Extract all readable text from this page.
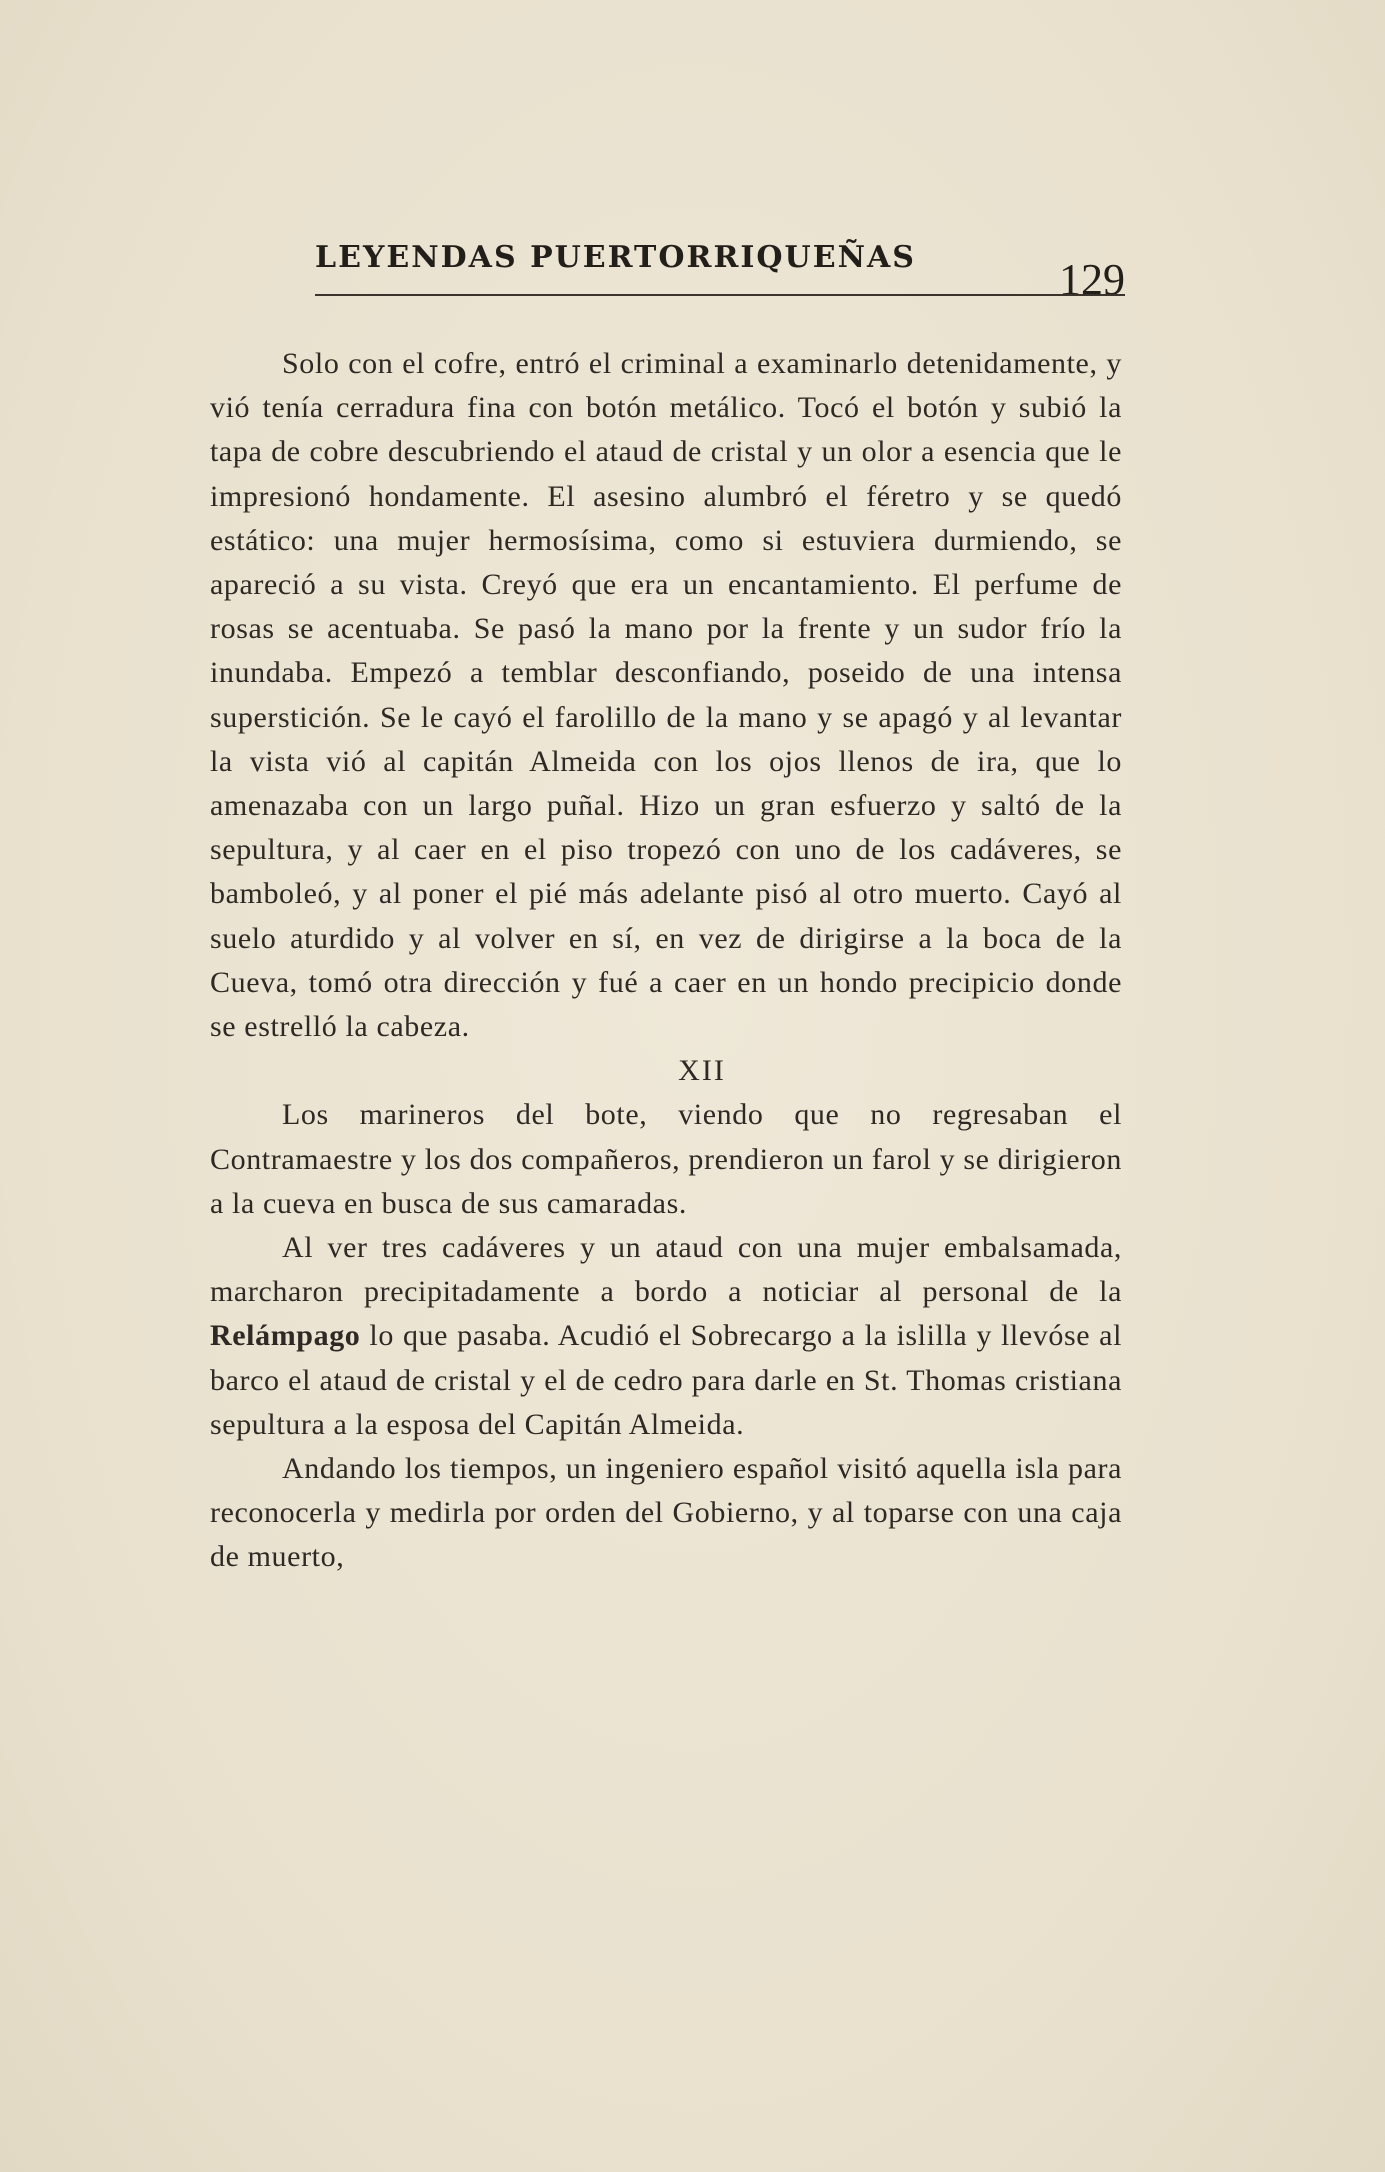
LEYENDAS PUERTORRIQUEÑAS	129

Solo con el cofre, entró el criminal a examinarlo detenidamente, y vió tenía cerradura fina con botón metálico. Tocó el botón y subió la tapa de cobre descubriendo el ataud de cristal y un olor a esencia que le impresionó hondamente. El asesino alumbró el féretro y se quedó estático: una mujer hermosísima, como si estuviera durmiendo, se apareció a su vista. Creyó que era un encantamiento. El perfume de rosas se acentuaba. Se pasó la mano por la frente y un sudor frío la inundaba. Empezó a temblar desconfiando, poseido de una intensa superstición. Se le cayó el farolillo de la mano y se apagó y al levantar la vista vió al capitán Almeida con los ojos llenos de ira, que lo amenazaba con un largo puñal. Hizo un gran esfuerzo y saltó de la sepultura, y al caer en el piso tropezó con uno de los cadáveres, se bamboleó, y al poner el pié más adelante pisó al otro muerto. Cayó al suelo aturdido y al volver en sí, en vez de dirigirse a la boca de la Cueva, tomó otra dirección y fué a caer en un hondo precipicio donde se estrelló la cabeza.

XII

Los marineros del bote, viendo que no regresaban el Contramaestre y los dos compañeros, prendieron un farol y se dirigieron a la cueva en busca de sus camaradas.

Al ver tres cadáveres y un ataud con una mujer embalsamada, marcharon precipitadamente a bordo a noticiar al personal de la Relámpago lo que pasaba. Acudió el Sobrecargo a la islilla y llevóse al barco el ataud de cristal y el de cedro para darle en St. Thomas cristiana sepultura a la esposa del Capitán Almeida.

Andando los tiempos, un ingeniero español visitó aquella isla para reconocerla y medirla por orden del Gobierno, y al toparse con una caja de muerto,
